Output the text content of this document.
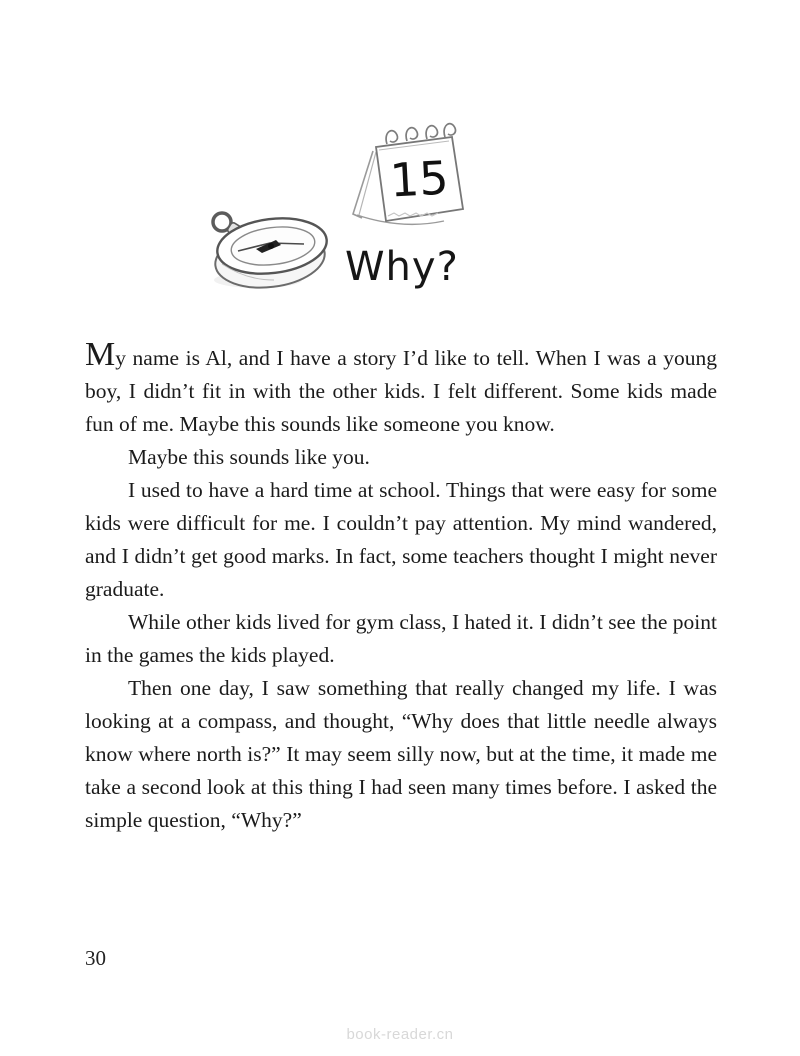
15
Why?

My name is Al, and I have a story I’d like to tell. When I was a young boy, I didn’t fit in with the other kids. I felt different. Some kids made fun of me. Maybe this sounds like someone you know.

Maybe this sounds like you.

I used to have a hard time at school. Things that were easy for some kids were difficult for me. I couldn’t pay attention. My mind wandered, and I didn’t get good marks. In fact, some teachers thought I might never graduate.

While other kids lived for gym class, I hated it. I didn’t see the point in the games the kids played.

Then one day, I saw something that really changed my life. I was looking at a compass, and thought, “Why does that little needle always know where north is?” It may seem silly now, but at the time, it made me take a second look at this thing I had seen many times before. I asked the simple question, “Why?”

30
book-reader.cn
